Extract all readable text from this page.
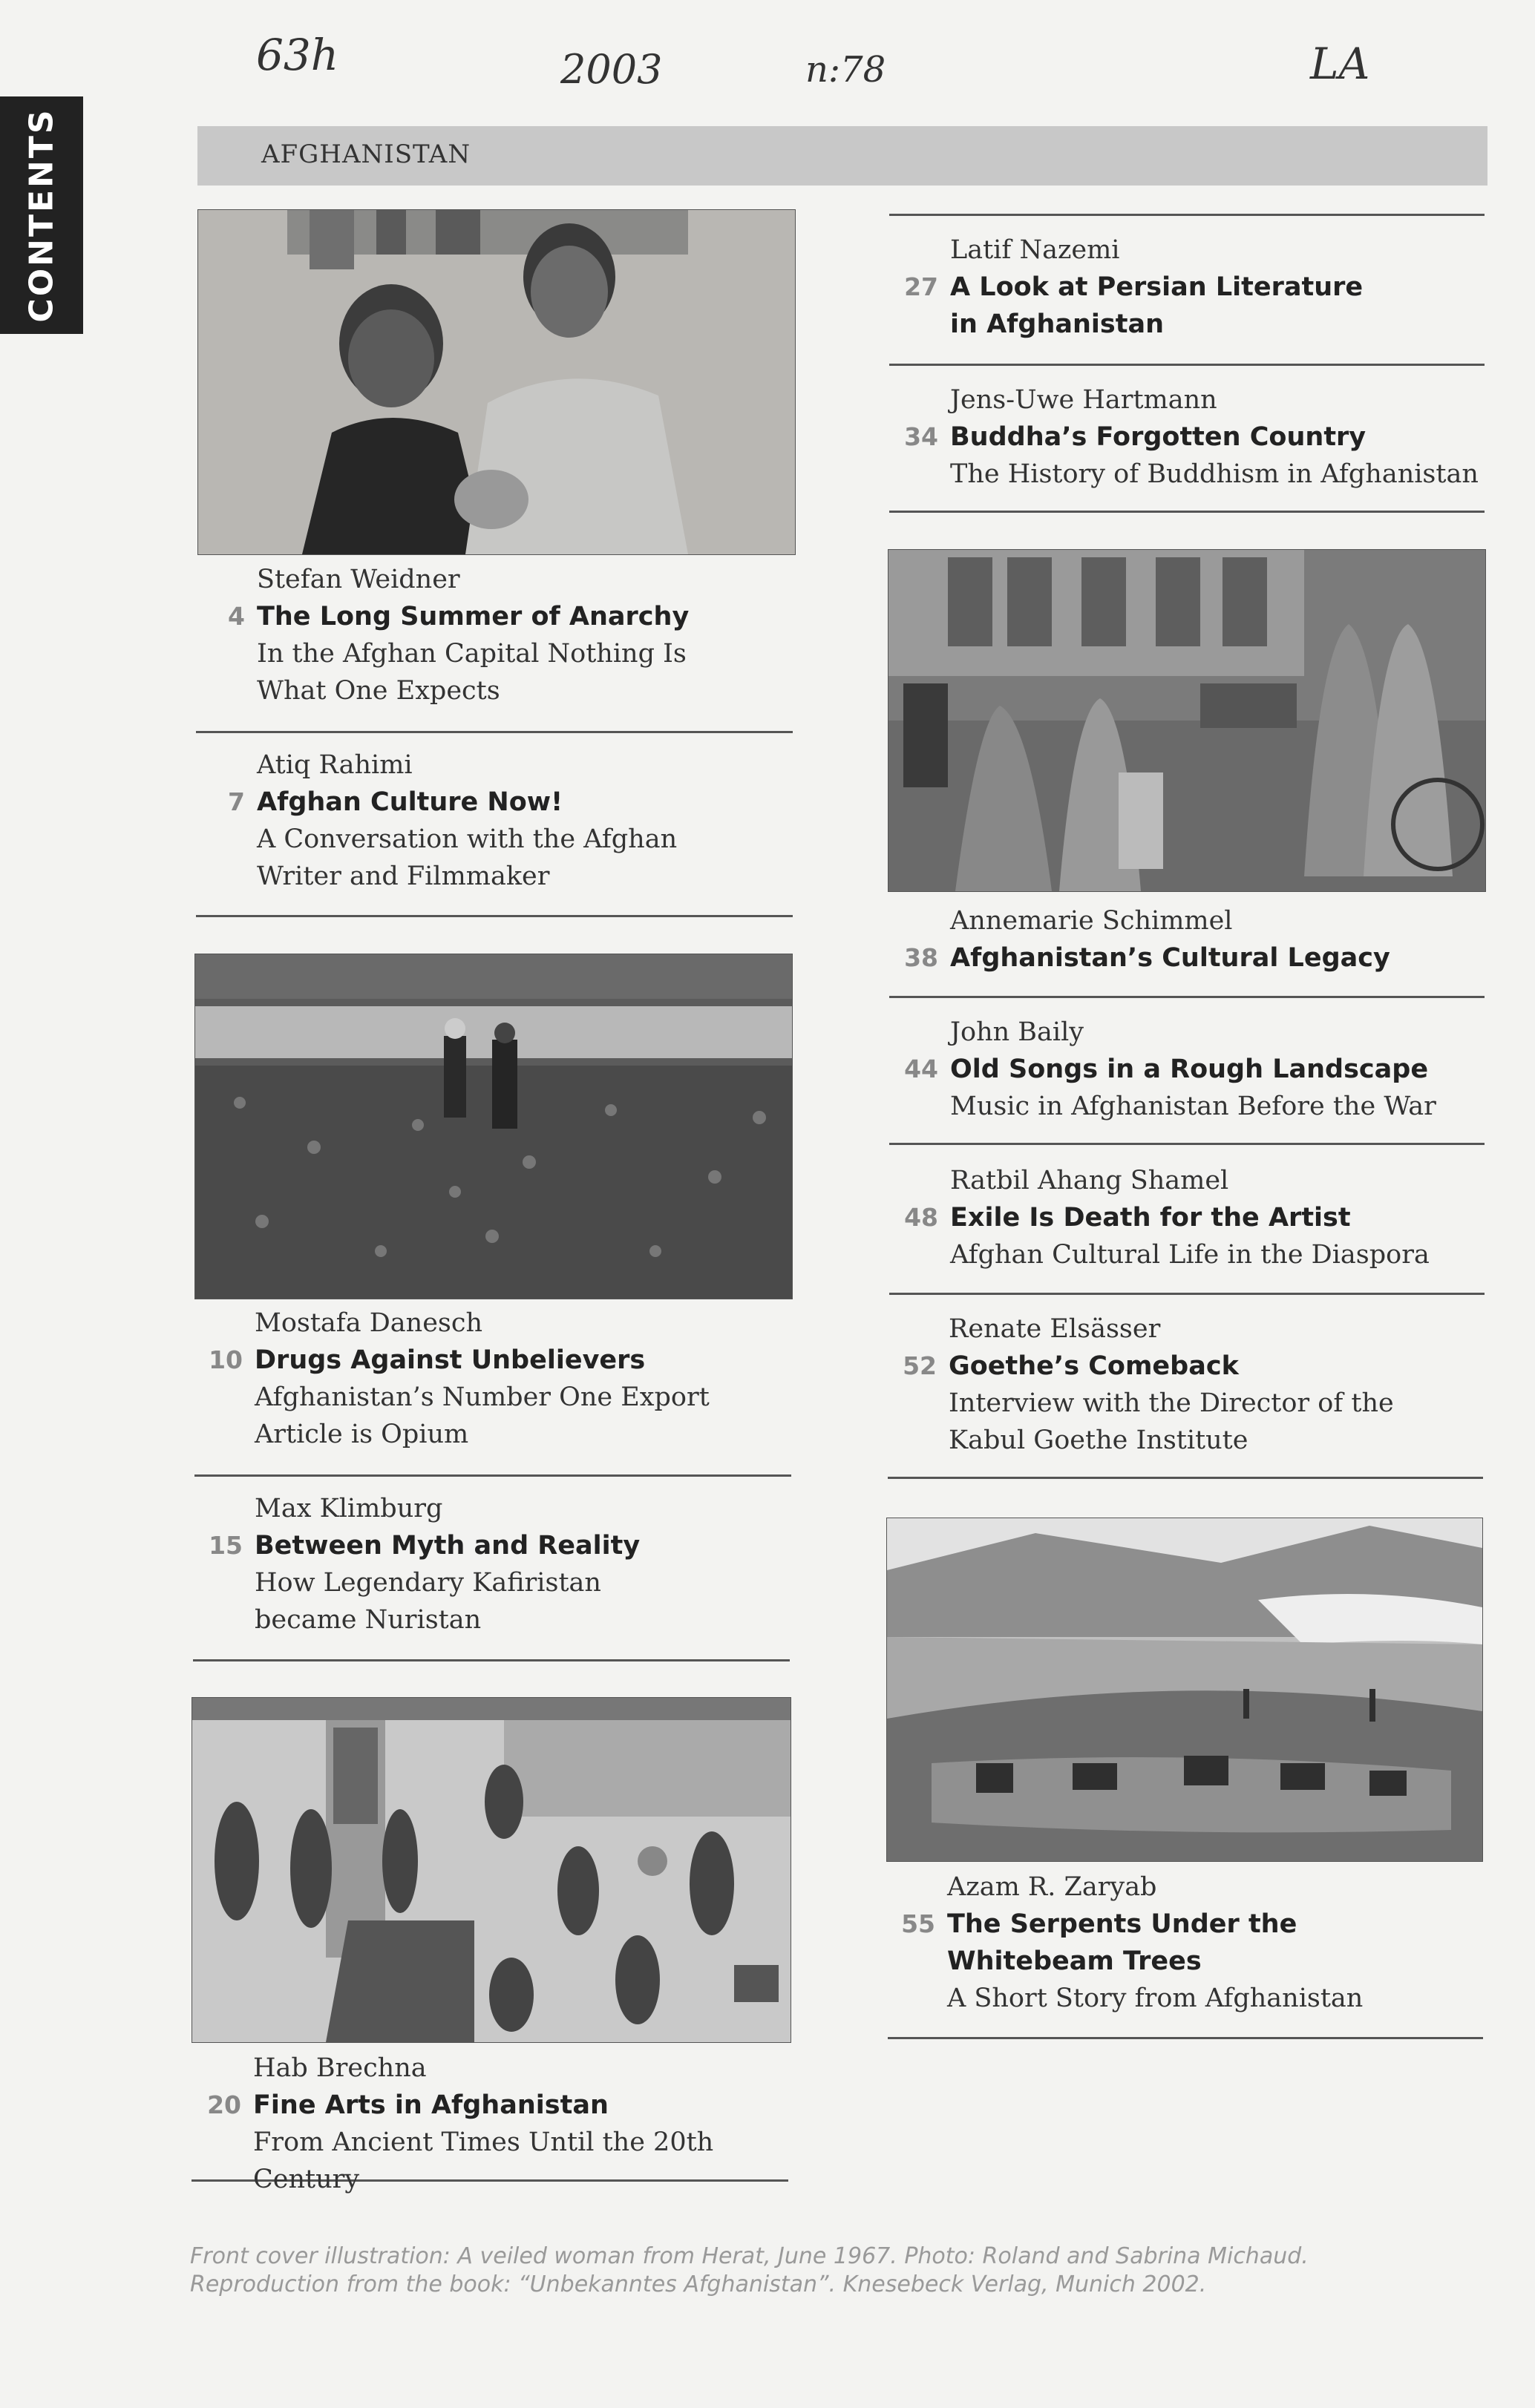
CONTENTS
63h	2003	n:78	LA
AFGHANISTAN
Stefan Weidner
4 The Long Summer of Anarchy
In the Afghan Capital Nothing Is
What One Expects
Atiq Rahimi
7 Afghan Culture Now!
A Conversation with the Afghan
Writer and Filmmaker
Mostafa Danesch
10 Drugs Against Unbelievers
Afghanistan’s Number One Export
Article is Opium
Max Klimburg
15 Between Myth and Reality
How Legendary Kafiristan
became Nuristan
Hab Brechna
20 Fine Arts in Afghanistan
From Ancient Times Until the 20th Century
Latif Nazemi
27 A Look at Persian Literature
in Afghanistan
Jens-Uwe Hartmann
34 Buddha’s Forgotten Country
The History of Buddhism in Afghanistan
Annemarie Schimmel
38 Afghanistan’s Cultural Legacy
John Baily
44 Old Songs in a Rough Landscape
Music in Afghanistan Before the War
Ratbil Ahang Shamel
48 Exile Is Death for the Artist
Afghan Cultural Life in the Diaspora
Renate Elsässer
52 Goethe’s Comeback
Interview with the Director of the
Kabul Goethe Institute
Azam R. Zaryab
55 The Serpents Under the
Whitebeam Trees
A Short Story from Afghanistan
Front cover illustration: A veiled woman from Herat, June 1967. Photo: Roland and Sabrina Michaud.
Reproduction from the book: “Unbekanntes Afghanistan”. Knesebeck Verlag, Munich 2002.
